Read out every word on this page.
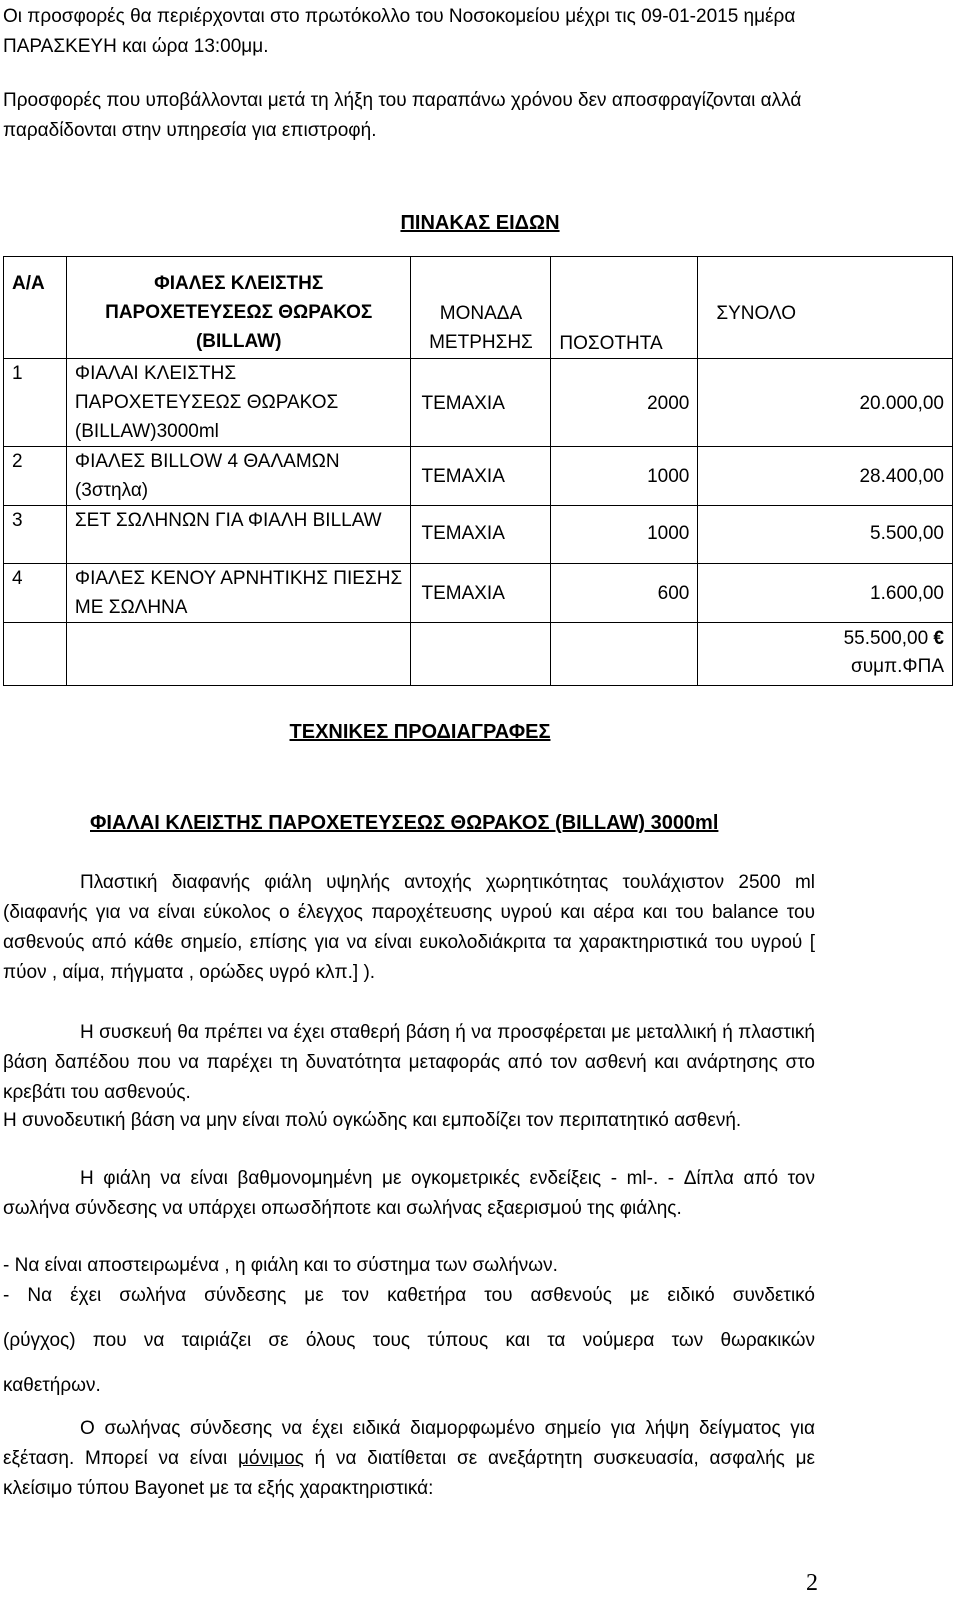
Οι προσφορές θα περιέρχονται στο πρωτόκολλο του Νοσοκομείου μέχρι τις 09-01-2015 ημέρα ΠΑΡΑΣΚΕΥΗ και ώρα 13:00μμ.

Προσφορές που υποβάλλονται μετά τη λήξη του παραπάνω χρόνου δεν αποσφραγίζονται αλλά παραδίδονται στην υπηρεσία για επιστροφή.

ΠΙΝΑΚΑΣ ΕΙΔΩΝ
Α/Α	ΦΙΑΛΕΣ ΚΛΕΙΣΤΗΣ ΠΑΡΟΧΕΤΕΥΣΕΩΣ ΘΩΡΑΚΟΣ (BILLAW)	ΜΟΝΑΔΑ ΜΕΤΡΗΣΗΣ	ΠΟΣΟΤΗΤΑ	ΣΥΝΟΛΟ
1	ΦΙΑΛΑΙ ΚΛΕΙΣΤΗΣ ΠΑΡΟΧΕΤΕΥΣΕΩΣ ΘΩΡΑΚΟΣ (BILLAW)3000ml	ΤΕΜΑΧΙΑ	2000	20.000,00
2	ΦΙΑΛΕΣ BILLOW 4 ΘΑΛΑΜΩΝ (3στηλα)	ΤΕΜΑΧΙΑ	1000	28.400,00
3	ΣΕΤ ΣΩΛΗΝΩΝ ΓΙΑ ΦΙΑΛΗ BILLAW	ΤΕΜΑΧΙΑ	1000	5.500,00
4	ΦΙΑΛΕΣ ΚΕΝΟΥ ΑΡΝΗΤΙΚΗΣ ΠΙΕΣΗΣ ΜΕ ΣΩΛΗΝΑ	ΤΕΜΑΧΙΑ	600	1.600,00
				55.500,00 €
συμπ.ΦΠΑ
ΤΕΧΝΙΚΕΣ ΠΡΟΔΙΑΓΡΑΦΕΣ
ΦΙΑΛΑΙ ΚΛΕΙΣΤΗΣ ΠΑΡΟΧΕΤΕΥΣΕΩΣ ΘΩΡΑΚΟΣ (BILLAW) 3000ml

Πλαστική διαφανής φιάλη υψηλής αντοχής χωρητικότητας τουλάχιστον 2500 ml (διαφανής για να είναι εύκολος ο έλεγχος παροχέτευσης υγρού και αέρα και του balance του ασθενούς από κάθε σημείο, επίσης για να είναι ευκολοδιάκριτα τα χαρακτηριστικά του υγρού [ πύον , αίμα, πήγματα , ορώδες υγρό κλπ.] ).

Η συσκευή θα πρέπει να έχει σταθερή βάση ή να προσφέρεται με μεταλλική ή πλαστική βάση δαπέδου που να παρέχει τη δυνατότητα μεταφοράς από τον ασθενή και ανάρτησης στο κρεβάτι του ασθενούς.

Η συνοδευτική βάση να μην είναι πολύ ογκώδης και εμποδίζει τον περιπατητικό ασθενή.

Η φιάλη να είναι βαθμονομημένη με ογκομετρικές ενδείξεις - ml-. - Δίπλα από τον σωλήνα σύνδεσης να υπάρχει οπωσδήποτε και σωλήνας εξαερισμού της φιάλης.

- Να είναι αποστειρωμένα , η φιάλη και το σύστημα των σωλήνων.

- Να έχει σωλήνα σύνδεσης με τον καθετήρα του ασθενούς με ειδικό συνδετικό

(ρύγχος) που να ταιριάζει σε όλους τους τύπους και τα νούμερα των θωρακικών

καθετήρων.

Ο σωλήνας σύνδεσης να έχει ειδικά διαμορφωμένο σημείο για λήψη δείγματος για εξέταση. Μπορεί να είναι μόνιμος ή να διατίθεται σε ανεξάρτητη συσκευασία, ασφαλής με κλείσιμο τύπου Bayonet με τα εξής χαρακτηριστικά:

2
